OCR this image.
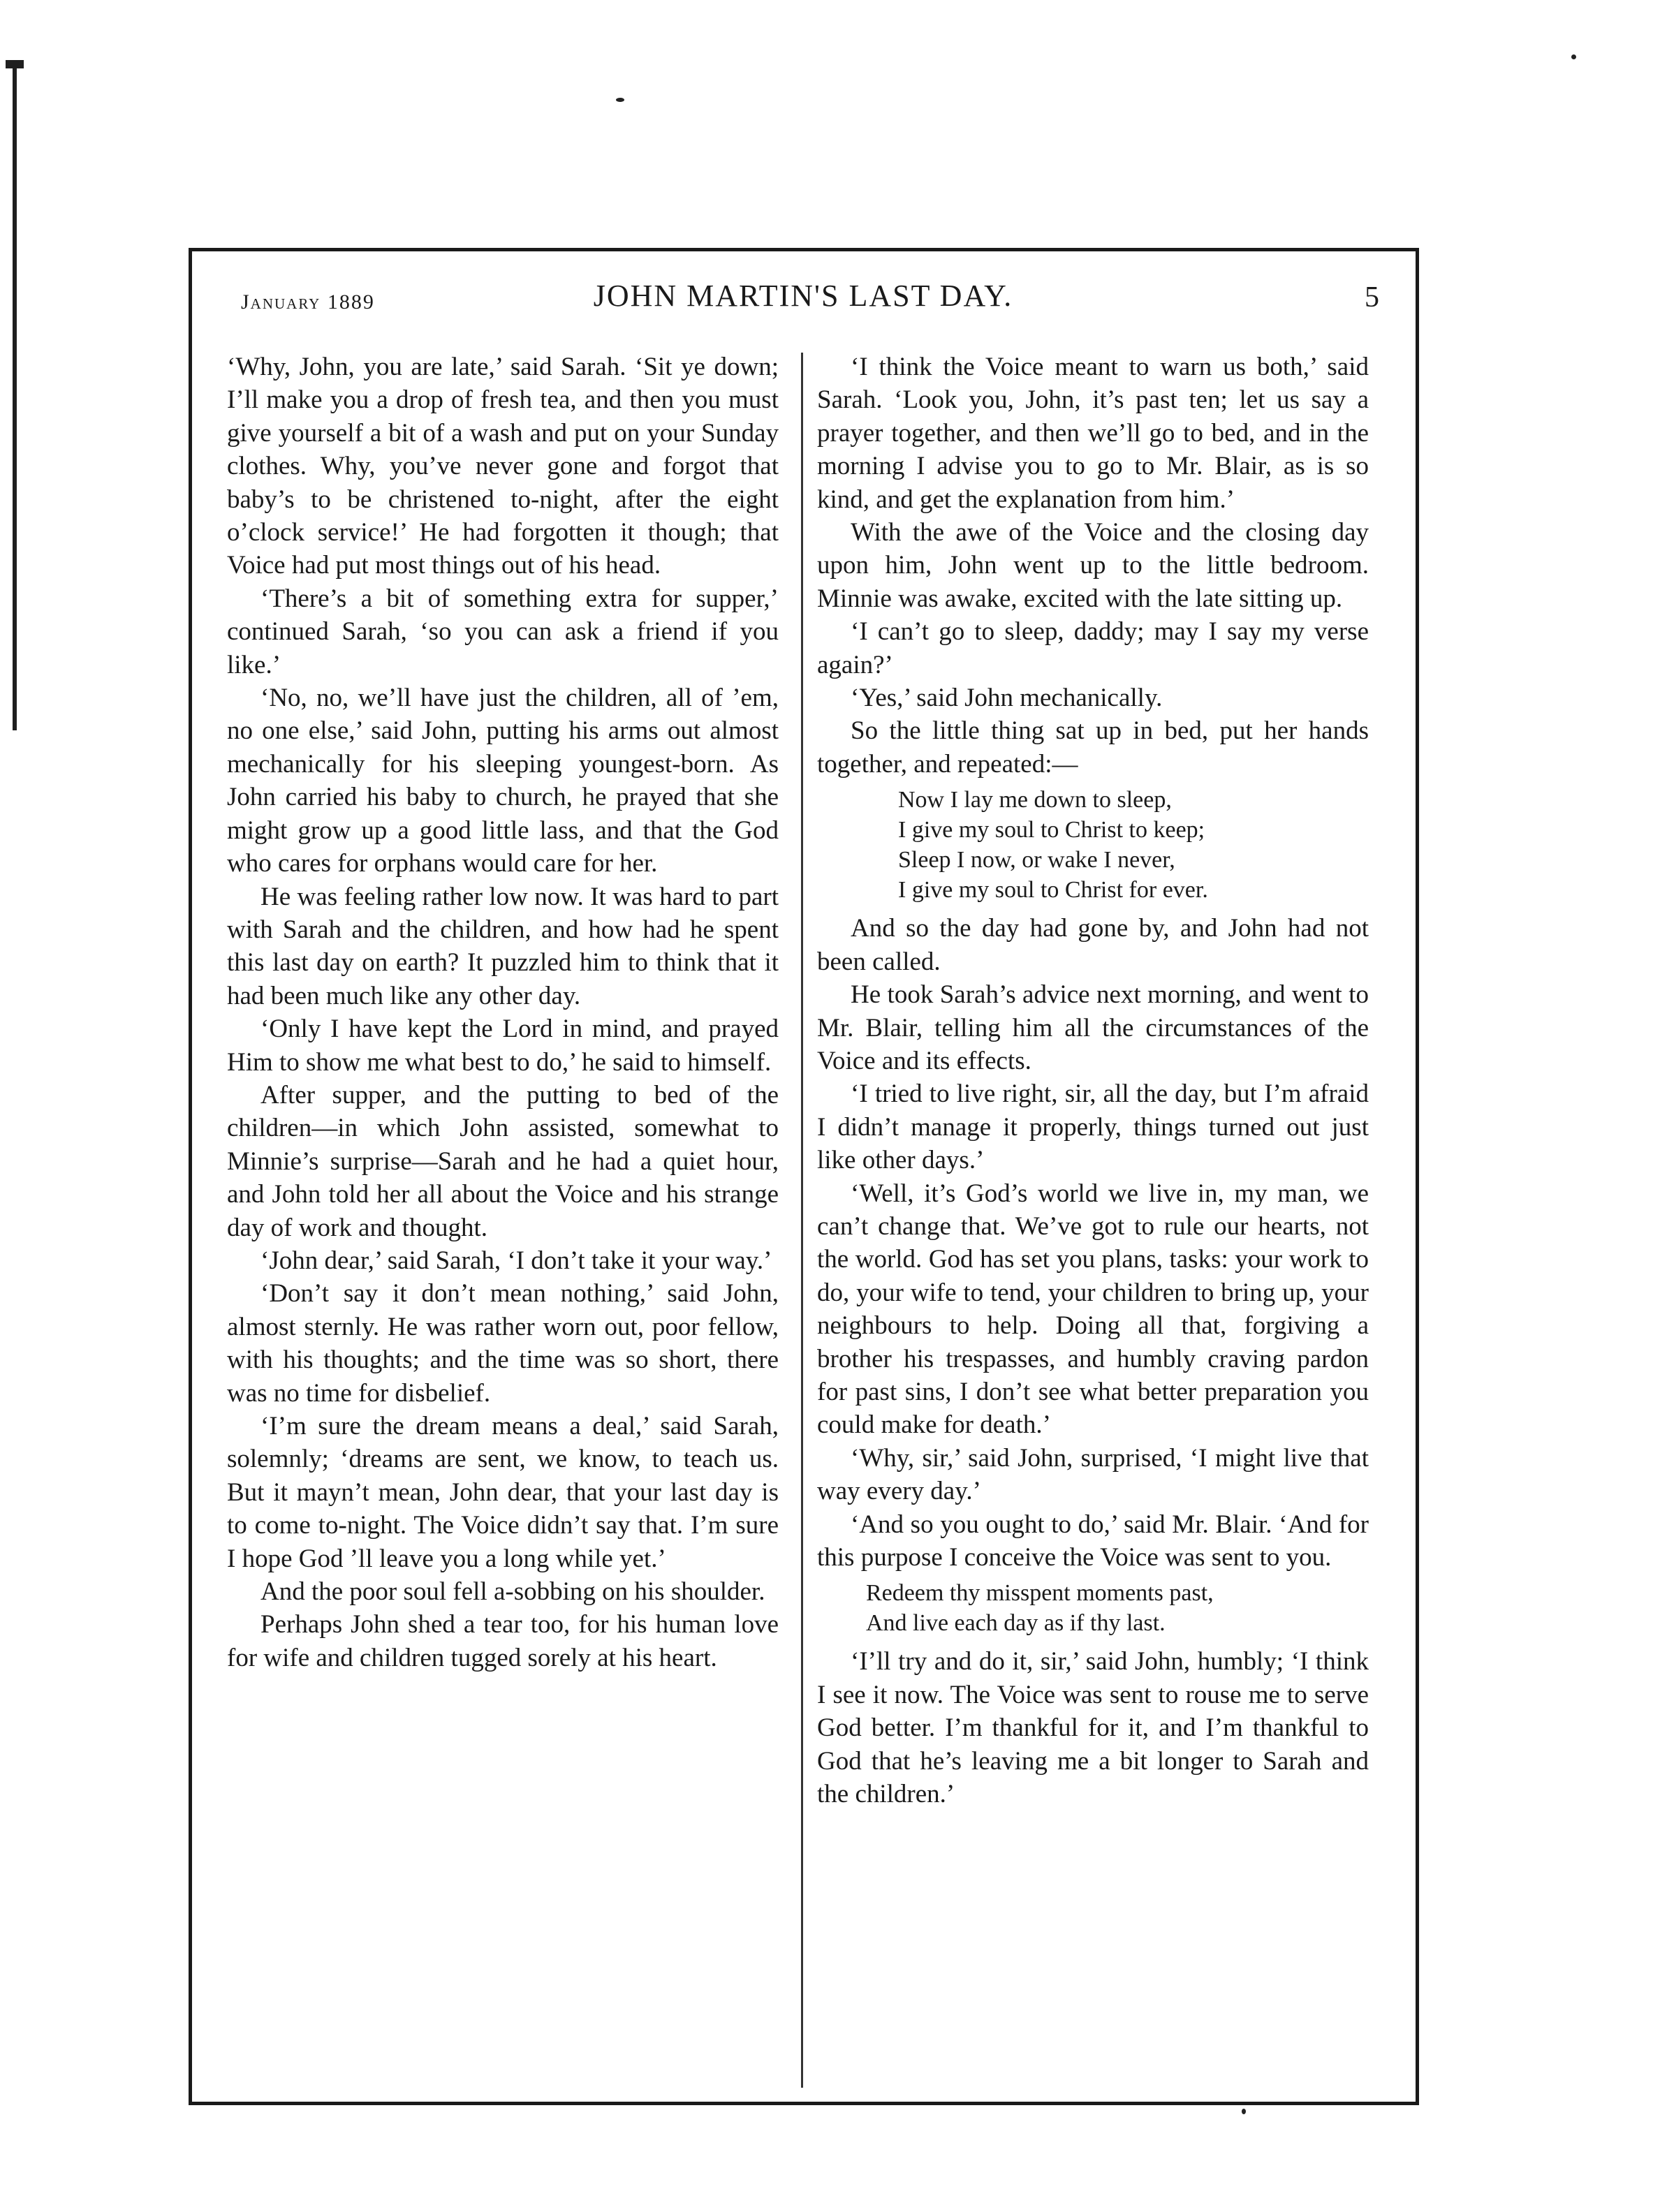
January 1889	JOHN MARTIN'S LAST DAY.	5

‘Why, John, you are late,’ said Sarah. ‘Sit ye down; I’ll make you a drop of fresh tea, and then you must give yourself a bit of a wash and put on your Sunday clothes. Why, you’ve never gone and forgot that baby’s to be christened to-night, after the eight o’clock service!’ He had forgotten it though; that Voice had put most things out of his head.

‘There’s a bit of something extra for supper,’ continued Sarah, ‘so you can ask a friend if you like.’

‘No, no, we’ll have just the children, all of ’em, no one else,’ said John, putting his arms out almost mechanically for his sleeping youngest-born. As John carried his baby to church, he prayed that she might grow up a good little lass, and that the God who cares for orphans would care for her.

He was feeling rather low now. It was hard to part with Sarah and the children, and how had he spent this last day on earth? It puzzled him to think that it had been much like any other day.

‘Only I have kept the Lord in mind, and prayed Him to show me what best to do,’ he said to himself.

After supper, and the putting to bed of the children—in which John assisted, somewhat to Minnie’s surprise—Sarah and he had a quiet hour, and John told her all about the Voice and his strange day of work and thought.

‘John dear,’ said Sarah, ‘I don’t take it your way.’

‘Don’t say it don’t mean nothing,’ said John, almost sternly. He was rather worn out, poor fellow, with his thoughts; and the time was so short, there was no time for disbelief.

‘I’m sure the dream means a deal,’ said Sarah, solemnly; ‘dreams are sent, we know, to teach us. But it mayn’t mean, John dear, that your last day is to come to-night. The Voice didn’t say that. I’m sure I hope God ’ll leave you a long while yet.’

And the poor soul fell a-sobbing on his shoulder.

Perhaps John shed a tear too, for his human love for wife and children tugged sorely at his heart.

‘I think the Voice meant to warn us both,’ said Sarah. ‘Look you, John, it’s past ten; let us say a prayer together, and then we’ll go to bed, and in the morning I advise you to go to Mr. Blair, as is so kind, and get the explanation from him.’

With the awe of the Voice and the closing day upon him, John went up to the little bedroom. Minnie was awake, excited with the late sitting up.

‘I can’t go to sleep, daddy; may I say my verse again?’

‘Yes,’ said John mechanically.

So the little thing sat up in bed, put her hands together, and repeated:—

Now I lay me down to sleep,
I give my soul to Christ to keep;
Sleep I now, or wake I never,
I give my soul to Christ for ever.

And so the day had gone by, and John had not been called.

He took Sarah’s advice next morning, and went to Mr. Blair, telling him all the circumstances of the Voice and its effects.

‘I tried to live right, sir, all the day, but I’m afraid I didn’t manage it properly, things turned out just like other days.’

‘Well, it’s God’s world we live in, my man, we can’t change that. We’ve got to rule our hearts, not the world. God has set you plans, tasks: your work to do, your wife to tend, your children to bring up, your neighbours to help. Doing all that, forgiving a brother his trespasses, and humbly craving pardon for past sins, I don’t see what better preparation you could make for death.’

‘Why, sir,’ said John, surprised, ‘I might live that way every day.’

‘And so you ought to do,’ said Mr. Blair. ‘And for this purpose I conceive the Voice was sent to you.

Redeem thy misspent moments past,
And live each day as if thy last.

‘I’ll try and do it, sir,’ said John, humbly; ‘I think I see it now. The Voice was sent to rouse me to serve God better. I’m thankful for it, and I’m thankful to God that he’s leaving me a bit longer to Sarah and the children.’
